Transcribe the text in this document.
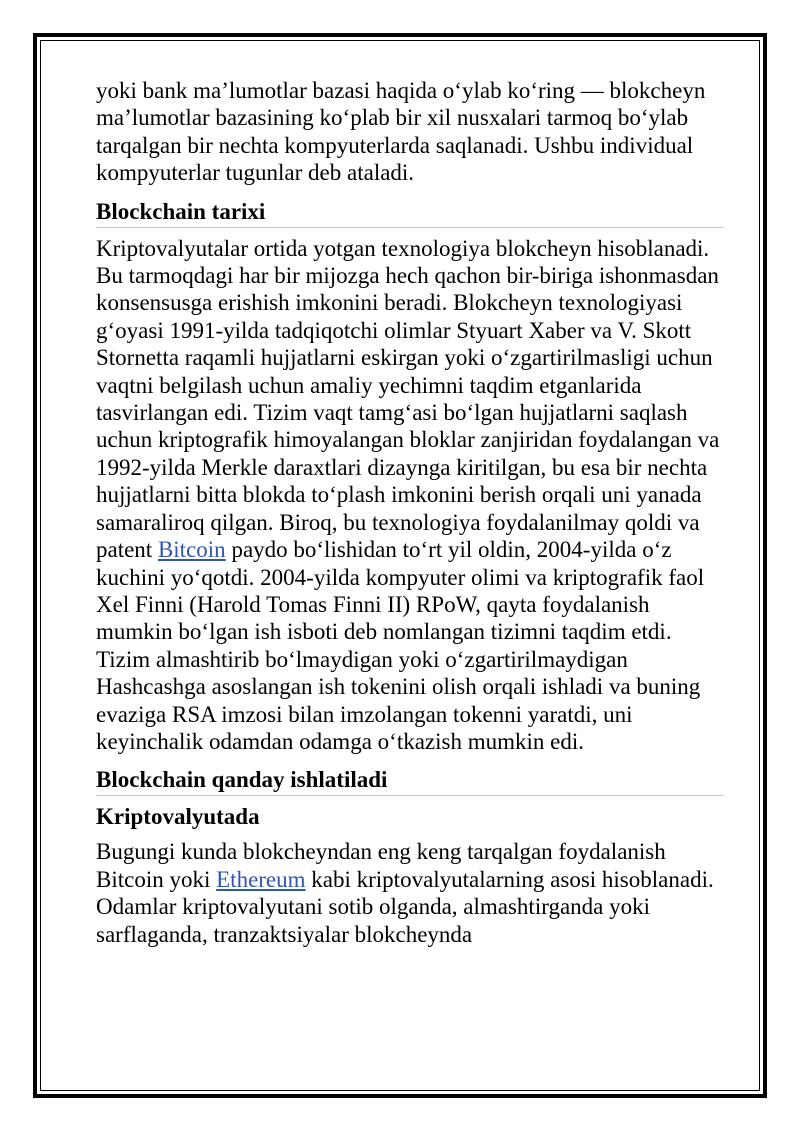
yoki bank ma’lumotlar bazasi haqida o‘ylab ko‘ring — blokcheyn ma’lumotlar bazasining ko‘plab bir xil nusxalari tarmoq bo‘ylab tarqalgan bir nechta kompyuterlarda saqlanadi. Ushbu individual kompyuterlar tugunlar deb ataladi.

Blockchain tarixi

Kriptovalyutalar ortida yotgan texnologiya blokcheyn hisoblanadi. Bu tarmoqdagi har bir mijozga hech qachon bir-biriga ishonmasdan konsensusga erishish imkonini beradi. Blokcheyn texnologiyasi g‘oyasi 1991-yilda tadqiqotchi olimlar Styuart Xaber va V. Skott Stornetta raqamli hujjatlarni eskirgan yoki o‘zgartirilmasligi uchun vaqtni belgilash uchun amaliy yechimni taqdim etganlarida tasvirlangan edi. Tizim vaqt tamg‘asi bo‘lgan hujjatlarni saqlash uchun kriptografik himoyalangan bloklar zanjiridan foydalangan va 1992-yilda Merkle daraxtlari dizaynga kiritilgan, bu esa bir nechta hujjatlarni bitta blokda to‘plash imkonini berish orqali uni yanada samaraliroq qilgan. Biroq, bu texnologiya foydalanilmay qoldi va patent Bitcoin paydo bo‘lishidan to‘rt yil oldin, 2004-yilda o‘z kuchini yo‘qotdi. 2004-yilda kompyuter olimi va kriptografik faol Xel Finni (Harold Tomas Finni II) RPoW, qayta foydalanish mumkin bo‘lgan ish isboti deb nomlangan tizimni taqdim etdi. Tizim almashtirib bo‘lmaydigan yoki o‘zgartirilmaydigan Hashcashga asoslangan ish tokenini olish orqali ishladi va buning evaziga RSA imzosi bilan imzolangan tokenni yaratdi, uni keyinchalik odamdan odamga o‘tkazish mumkin edi.

Blockchain qanday ishlatiladi
Kriptovalyutada

Bugungi kunda blokcheyndan eng keng tarqalgan foydalanish Bitcoin yoki Ethereum kabi kriptovalyutalarning asosi hisoblanadi. Odamlar kriptovalyutani sotib olganda, almashtirganda yoki sarflaganda, tranzaktsiyalar blokcheynda
